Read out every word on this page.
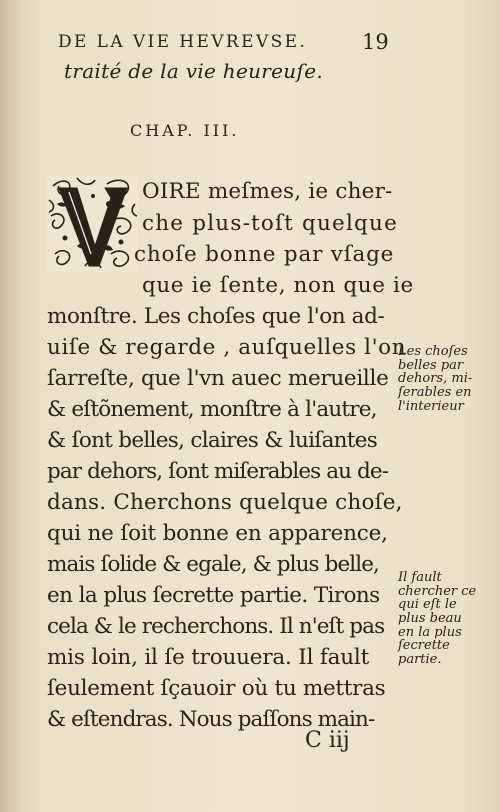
DE LA VIE HEVREVSE.	19
traité de la vie heureuſe.
CHAP. III.
OIRE meſmes, ie cher-
che plus-toſt quelque
choſe bonne par vſage
que ie ſente, non que ie
monſtre. Les choſes que l'on ad-
uiſe & regarde , auſquelles l'on
ſarreſte, que l'vn auec merueille
& eſtõnement, monſtre à l'autre,
& ſont belles, claires & luiſantes
par dehors, ſont miſerables au de-
dans. Cherchons quelque choſe,
qui ne ſoit bonne en apparence,
mais ſolide & egale, & plus belle,
en la plus ſecrette partie. Tirons
cela & le recherchons. Il n'eſt pas
mis loin, il ſe trouuera. Il fault
ſeulement ſçauoir où tu mettras
& eſtendras. Nous paſſons main-
Les choſes
belles par
dehors, mi-
ſerables en
l'interieur
Il fault
chercher ce
qui eſt le
plus beau
en la plus
ſecrette
partie.
C iij
